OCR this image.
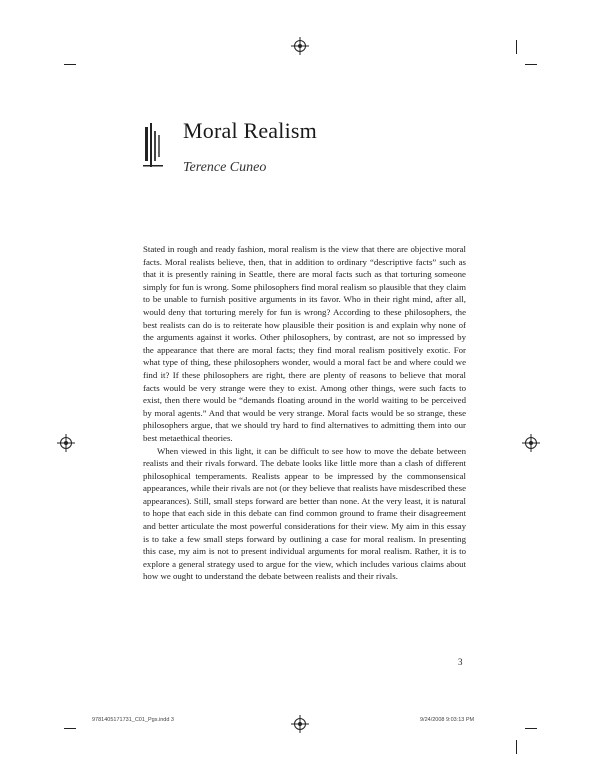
Moral Realism

Terence Cuneo

Stated in rough and ready fashion, moral realism is the view that there are objective moral facts. Moral realists believe, then, that in addition to ordinary “descriptive facts” such as that it is presently raining in Seattle, there are moral facts such as that torturing someone simply for fun is wrong. Some philosophers find moral realism so plausible that they claim to be unable to furnish positive arguments in its favor. Who in their right mind, after all, would deny that torturing merely for fun is wrong? According to these philosophers, the best realists can do is to reiterate how plausible their position is and explain why none of the arguments against it works. Other philosophers, by contrast, are not so impressed by the appearance that there are moral facts; they find moral realism positively exotic. For what type of thing, these philosophers wonder, would a moral fact be and where could we find it? If these philosophers are right, there are plenty of reasons to believe that moral facts would be very strange were they to exist. Among other things, were such facts to exist, then there would be “demands floating around in the world waiting to be perceived by moral agents.” And that would be very strange. Moral facts would be so strange, these philosophers argue, that we should try hard to find alternatives to admitting them into our best metaethical theories.

When viewed in this light, it can be difficult to see how to move the debate between realists and their rivals forward. The debate looks like little more than a clash of different philosophical temperaments. Realists appear to be impressed by the commonsensical appearances, while their rivals are not (or they believe that realists have misdescribed these appearances). Still, small steps forward are better than none. At the very least, it is natural to hope that each side in this debate can find common ground to frame their disagreement and better articulate the most powerful considerations for their view. My aim in this essay is to take a few small steps forward by outlining a case for moral realism. In presenting this case, my aim is not to present individual arguments for moral realism. Rather, it is to explore a general strategy used to argue for the view, which includes various claims about how we ought to understand the debate between realists and their rivals.

3
9781405171731_C01_Pgs.indd 3	9/24/2008 9:03:13 PM
